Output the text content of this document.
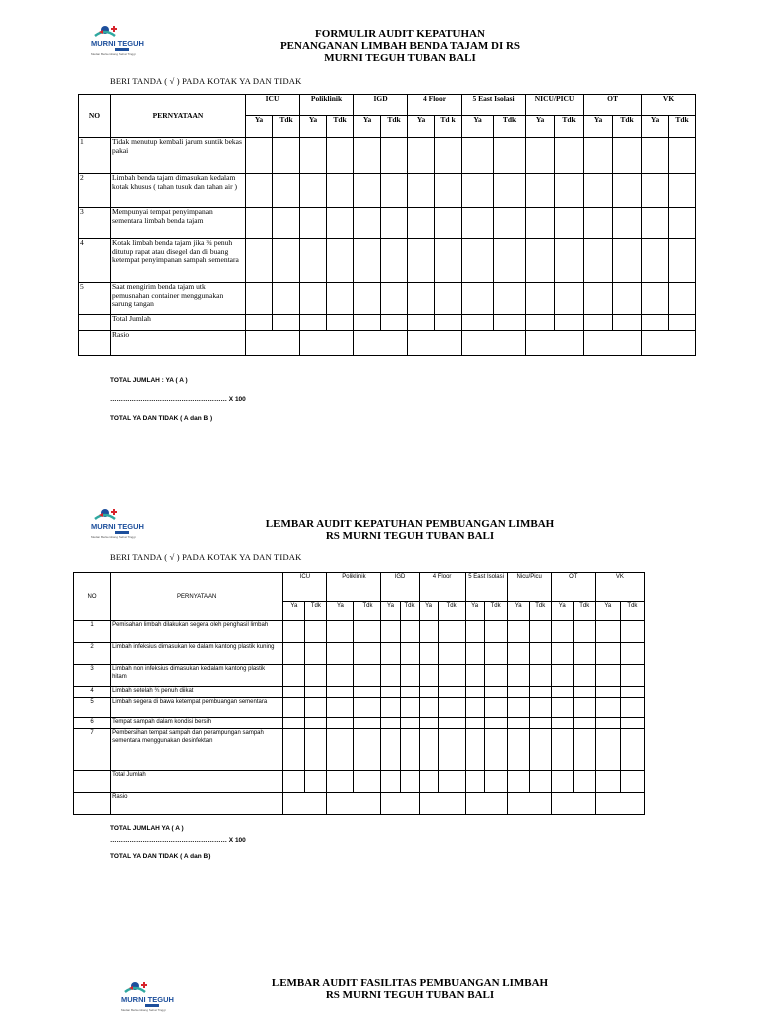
MURNI TEGUH
Medan Berkembang Sehat Tinggi
FORMULIR AUDIT KEPATUHAN
PENANGANAN LIMBAH BENDA TAJAM DI RS
MURNI TEGUH TUBAN BALI
BERI TANDA ( √ ) PADA KOTAK YA DAN TIDAK
NO	PERNYATAAN	ICU		Poliklinik		IGD		4 Floor		5 East Isolasi		NICU/PICU		OT		VK	
		Ya	Tdk	Ya	Tdk	Ya	Tdk	Ya	Td k	Ya	Tdk	Ya	Tdk	Ya	Tdk	Ya	Tdk
1	Tidak menutup kembali jarum suntik bekas pakai																
2	Limbah benda tajam dimasukan kedalam kotak khusus ( tahan tusuk dan tahan air )																
3	Mempunyai tempat penyimpanan sementara limbah benda tajam																
4	Kotak limbah benda tajam jika ¾ penuh ditutup rapat atau disegel dan di buang ketempat penyimpanan sampah sementara																
5	Saat mengirim benda tajam utk pemusnahan container menggunakan sarung tangan																
	Total Jumlah																
	Rasio																
TOTAL JUMLAH : YA ( A )
……………………………………………… X 100
TOTAL YA DAN TIDAK ( A dan B )
MURNI TEGUH
Medan Berkembang Sehat Tinggi
LEMBAR AUDIT KEPATUHAN PEMBUANGAN LIMBAH
RS MURNI TEGUH TUBAN BALI
BERI TANDA ( √ ) PADA KOTAK YA DAN TIDAK
NO	PERNYATAAN	ICU		Poliklinik		IGD		4 Floor		5 East Isolasi		Nicu/Picu		OT		VK	
		Ya	Tdk	Ya	Tdk	Ya	Tdk	Ya	Tdk	Ya	Tdk	Ya	Tdk	Ya	Tdk	Ya	Tdk
1	Pemisahan limbah dilakukan segera oleh penghasil limbah																
2	Limbah infeksius dimasukan ke dalam kantong plastik kuning																
3	Limbah non infeksius dimasukan kedalam kantong plastik hitam																
4	Limbah setelah ¾ penuh diikat																
5	Limbah segera di bawa ketempat pembuangan sementara																
6	Tempat sampah dalam kondisi bersih																
7	Pembersihan tempat sampah dan perampungan sampah sementara menggunakan desinfektan																
	Total Jumlah																
	Rasio																
TOTAL JUMLAH YA ( A )
……………………………………………… X 100
TOTAL YA DAN TIDAK ( A dan B)
LEMBAR AUDIT FASILITAS PEMBUANGAN LIMBAH
RS MURNI TEGUH TUBAN BALI
MURNI TEGUH
Medan Berkembang Sehat Tinggi
